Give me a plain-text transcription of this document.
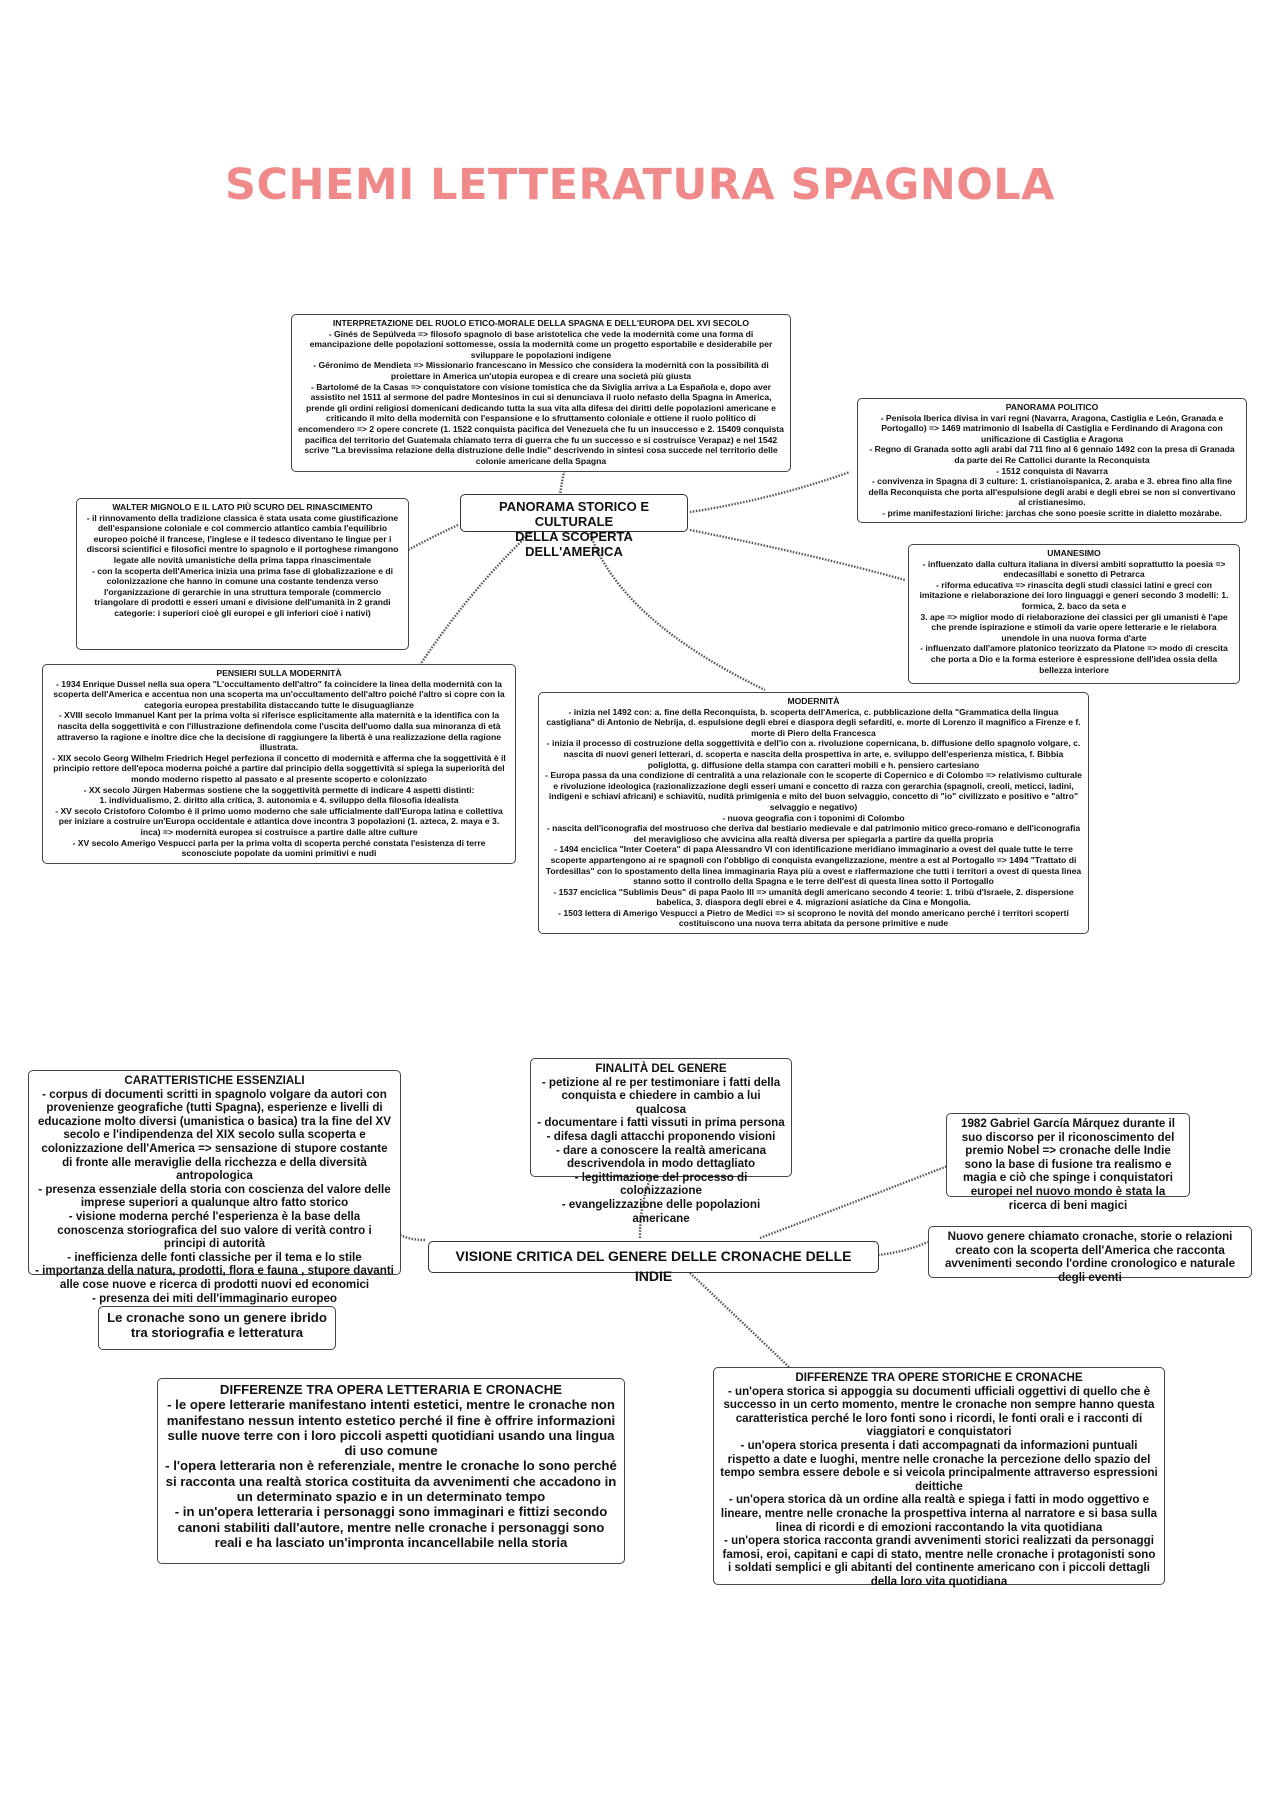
SCHEMI LETTERATURA SPAGNOLA
INTERPRETAZIONE DEL RUOLO ETICO-MORALE DELLA SPAGNA E DELL'EUROPA DEL XVI SECOLO
- Ginés de Sepúlveda => filosofo spagnolo di base aristotelica che vede la modernità come una forma di emancipazione delle popolazioni sottomesse, ossia la modernità come un progetto esportabile e desiderabile per sviluppare le popolazioni indigene
- Géronimo de Mendieta => Missionario francescano in Messico che considera la modernità con la possibilità di proiettare in America un'utopia europea e di creare una società più giusta
- Bartolomé de la Casas => conquistatore con visione tomistica che da Siviglia arriva a La Española e, dopo aver assistito nel 1511 al sermone del padre Montesinos in cui si denunciava il ruolo nefasto della Spagna in America, prende gli ordini religiosi domenicani dedicando tutta la sua vita alla difesa dei diritti delle popolazioni americane e criticando il mito della modernità con l'espansione e lo sfruttamento coloniale e ottiene il ruolo politico di encomendero => 2 opere concrete (1. 1522 conquista pacifica del Venezuela che fu un insuccesso e 2. 15409 conquista pacifica del territorio del Guatemala chiamato terra di guerra che fu un successo e si costruisce Verapaz) e nel 1542 scrive "La brevissima relazione della distruzione delle Indie" descrivendo in sintesi cosa succede nel territorio delle colonie americane della Spagna
PANORAMA POLITICO
- Penisola Iberica divisa in vari regni (Navarra, Aragona, Castiglia e León, Granada e Portogallo) => 1469 matrimonio di Isabella di Castiglia e Ferdinando di Aragona con unificazione di Castiglia e Aragona
- Regno di Granada sotto agli arabi dal 711 fino al 6 gennaio 1492 con la presa di Granada da parte dei Re Cattolici durante la Reconquista
- 1512 conquista di Navarra
- convivenza in Spagna di 3 culture: 1. cristianoispanica, 2. araba e 3. ebrea fino alla fine della Reconquista che porta all'espulsione degli arabi e degli ebrei se non si convertivano al cristianesimo.
- prime manifestazioni liriche: jarchas che sono poesie scritte in dialetto mozárabe.
PANORAMA STORICO E CULTURALE
DELLA SCOPERTA DELL'AMERICA
WALTER MIGNOLO E IL LATO PIÙ SCURO DEL RINASCIMENTO
- il rinnovamento della tradizione classica è stata usata come giustificazione dell'espansione coloniale e col commercio atlantico cambia l'equilibrio europeo poiché il francese, l'inglese e il tedesco diventano le lingue per i discorsi scientifici e filosofici mentre lo spagnolo e il portoghese rimangono legate alle novità umanistiche della prima tappa rinascimentale
- con la scoperta dell'America inizia una prima fase di globalizzazione e di colonizzazione che hanno in comune una costante tendenza verso l'organizzazione di gerarchie in una struttura temporale (commercio triangolare di prodotti e esseri umani e divisione dell'umanità in 2 grandi categorie: i superiori cioè gli europei e gli inferiori cioè i nativi)
UMANESIMO
- influenzato dalla cultura italiana in diversi ambiti soprattutto la poesia => endecasillabi e sonetto di Petrarca
- riforma educativa => rinascita degli studi classici latini e greci con imitazione e rielaborazione dei loro linguaggi e generi secondo 3 modelli: 1. formica, 2. baco da seta e
3. ape => miglior modo di rielaborazione dei classici per gli umanisti è l'ape che prende ispirazione e stimoli da varie opere letterarie e le rielabora unendole in una nuova forma d'arte
- influenzato dall'amore platonico teorizzato da Platone => modo di crescita che porta a Dio e la forma esteriore è espressione dell'idea ossia della bellezza interiore
PENSIERI SULLA MODERNITÀ
- 1934 Enrique Dussel nella sua opera "L'occultamento dell'altro" fa coincidere la linea della modernità con la scoperta dell'America e accentua non una scoperta ma un'occultamento dell'altro poiché l'altro si copre con la categoria europea prestabilita distaccando tutte le disuguaglianze
- XVIII secolo Immanuel Kant per la prima volta si riferisce esplicitamente alla maternità e la identifica con la nascita della soggettività e con l'illustrazione definendola come l'uscita dell'uomo dalla sua minoranza di età attraverso la ragione e inoltre dice che la decisione di raggiungere la libertà è una realizzazione della ragione illustrata.
- XIX secolo Georg Wilhelm Friedrich Hegel perfeziona il concetto di modernità e afferma che la soggettività è il principio rettore dell'epoca moderna poiché a partire dal principio della soggettività si spiega la superiorità del mondo moderno rispetto al passato e al presente scoperto e colonizzato
- XX secolo Jürgen Habermas sostiene che la soggettività permette di indicare 4 aspetti distinti:
1. individualismo, 2. diritto alla critica, 3. autonomia e 4. sviluppo della filosofia idealista
- XV secolo Cristoforo Colombo è il primo uomo moderno che sale ufficialmente dall'Europa latina e collettiva per iniziare a costruire un'Europa occidentale e atlantica dove incontra 3 popolazioni (1. azteca, 2. maya e 3. inca) => modernità europea si costruisce a partire dalle altre culture
- XV secolo Amerigo Vespucci parla per la prima volta di scoperta perché constata l'esistenza di terre sconosciute popolate da uomini primitivi e nudi
MODERNITÀ
- inizia nel 1492 con: a. fine della Reconquista, b. scoperta dell'America, c. pubblicazione della "Grammatica della lingua castigliana" di Antonio de Nebrija, d. espulsione degli ebrei e diaspora degli sefarditi, e. morte di Lorenzo il magnifico a Firenze e f. morte di Piero della Francesca
- inizia il processo di costruzione della soggettività e dell'io con a. rivoluzione copernicana, b. diffusione dello spagnolo volgare, c. nascita di nuovi generi letterari, d. scoperta e nascita della prospettiva in arte, e. sviluppo dell'esperienza mistica, f. Bibbia poliglotta, g. diffusione della stampa con caratteri mobili e h. pensiero cartesiano
- Europa passa da una condizione di centralità a una relazionale con le scoperte di Copernico e di Colombo => relativismo culturale e rivoluzione ideologica (razionalizzazione degli esseri umani e concetto di razza con gerarchia (spagnoli, creoli, meticci, ladini, indigeni e schiavi africani) e schiavitù, nudità primigenia e mito del buon selvaggio, concetto di "io" civilizzato e positivo e "altro" selvaggio e negativo)
- nuova geografia con i toponimi di Colombo
- nascita dell'iconografia del mostruoso che deriva dal bestiario medievale e dal patrimonio mitico greco-romano e dell'iconografia del meraviglioso che avvicina alla realtà diversa per spiegarla a partire da quella propria
- 1494 enciclica "Inter Coetera" di papa Alessandro VI con identificazione meridiano immaginario a ovest del quale tutte le terre scoperte appartengono ai re spagnoli con l'obbligo di conquista evangelizzazione, mentre a est al Portogallo => 1494 "Trattato di Tordesillas" con lo spostamento della linea immaginaria Raya più a ovest e riaffermazione che tutti i territori a ovest di questa linea stanno sotto il controllo della Spagna e le terre dell'est di questa linea sotto il Portogallo
- 1537 enciclica "Sublimis Deus" di papa Paolo III => umanità degli americano secondo 4 teorie: 1. tribù d'Israele, 2. dispersione babelica, 3. diaspora degli ebrei e 4. migrazioni asiatiche da Cina e Mongolia.
- 1503 lettera di Amerigo Vespucci a Pietro de Medici => si scoprono le novità del mondo americano perché i territori scoperti costituiscono una nuova terra abitata da persone primitive e nude
CARATTERISTICHE ESSENZIALI
- corpus di documenti scritti in spagnolo volgare da autori con provenienze geografiche (tutti Spagna), esperienze e livelli di educazione molto diversi (umanistica o basica) tra la fine del XV secolo e l'indipendenza del XIX secolo sulla scoperta e colonizzazione dell'America => sensazione di stupore costante di fronte alle meraviglie della ricchezza e della diversità antropologica
- presenza essenziale della storia con coscienza del valore delle imprese superiori a qualunque altro fatto storico
- visione moderna perché l'esperienza è la base della conoscenza storiografica del suo valore di verità contro i principi di autorità
- inefficienza delle fonti classiche per il tema e lo stile
- importanza della natura, prodotti, flora e fauna , stupore davanti alle cose nuove e ricerca di prodotti nuovi ed economici
- presenza dei miti dell'immaginario europeo
FINALITÀ DEL GENERE
- petizione al re per testimoniare i fatti della conquista e chiedere in cambio a lui qualcosa
- documentare i fatti vissuti in prima persona
- difesa dagli attacchi proponendo visioni
- dare a conoscere la realtà americana descrivendola in modo dettagliato
- legittimazione del processo di colonizzazione
- evangelizzazione delle popolazioni americane
1982 Gabriel García Márquez durante il suo discorso per il riconoscimento del premio Nobel => cronache delle Indie sono la base di fusione tra realismo e magia e ciò che spinge i conquistatori europei nel nuovo mondo è stata la ricerca di beni magici
Nuovo genere chiamato cronache, storie o relazioni creato con la scoperta dell'America che racconta avvenimenti secondo l'ordine cronologico e naturale degli eventi
VISIONE CRITICA DEL GENERE DELLE CRONACHE DELLE INDIE
Le cronache sono un genere ibrido
tra storiografia e letteratura
DIFFERENZE TRA OPERA LETTERARIA E CRONACHE
- le opere letterarie manifestano intenti estetici, mentre le cronache non manifestano nessun intento estetico perché il fine è offrire informazioni sulle nuove terre con i loro piccoli aspetti quotidiani usando una lingua di uso comune
- l'opera letteraria non è referenziale, mentre le cronache lo sono perché si racconta una realtà storica costituita da avvenimenti che accadono in un determinato spazio e in un determinato tempo
- in un'opera letteraria i personaggi sono immaginari e fittizi secondo canoni stabiliti dall'autore, mentre nelle cronache i personaggi sono reali e ha lasciato un'impronta incancellabile nella storia
DIFFERENZE TRA OPERE STORICHE E CRONACHE
- un'opera storica si appoggia su documenti ufficiali oggettivi di quello che è successo in un certo momento, mentre le cronache non sempre hanno questa caratteristica perché le loro fonti sono i ricordi, le fonti orali e i racconti di viaggiatori e conquistatori
- un'opera storica presenta i dati accompagnati da informazioni puntuali rispetto a date e luoghi, mentre nelle cronache la percezione dello spazio del tempo sembra essere debole e si veicola principalmente attraverso espressioni deittiche
- un'opera storica dà un ordine alla realtà e spiega i fatti in modo oggettivo e lineare, mentre nelle cronache la prospettiva interna al narratore e si basa sulla linea di ricordi e di emozioni raccontando la vita quotidiana
- un'opera storica racconta grandi avvenimenti storici realizzati da personaggi famosi, eroi, capitani e capi di stato, mentre nelle cronache i protagonisti sono i soldati semplici e gli abitanti del continente americano con i piccoli dettagli della loro vita quotidiana
